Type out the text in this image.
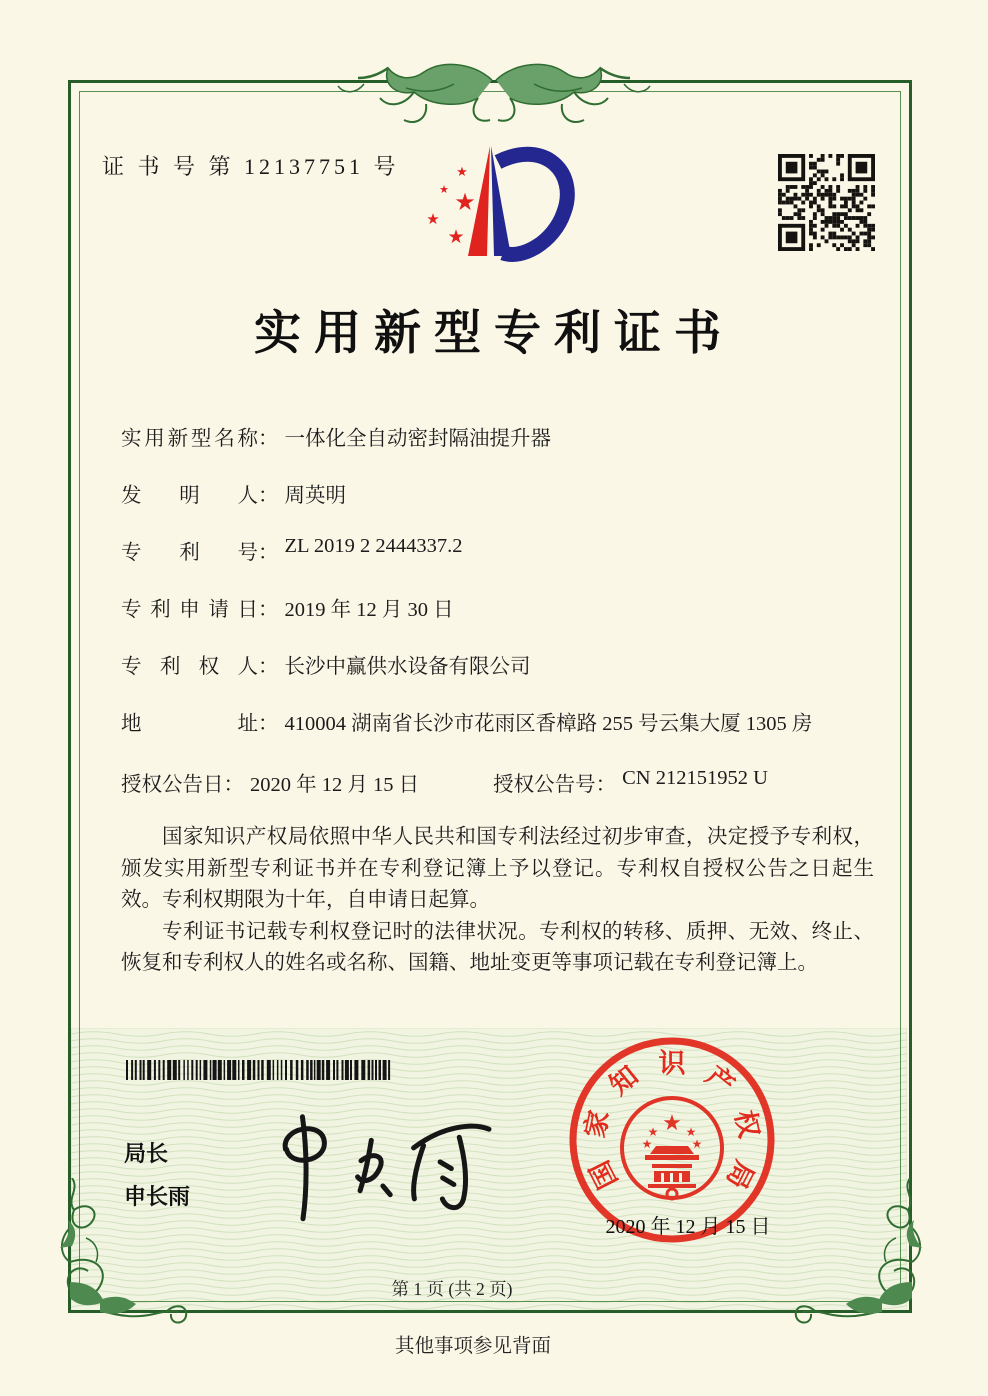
证 书 号 第 12137751 号	★
★ ★
★
★
实用新型专利证书
实用新型名称 ： 一体化全自动密封隔油提升器
发明人 ： 周英明
专利号 ： ZL 2019 2 2444337.2
专利申请日 ： 2019 年 12 月 30 日
专利权人 ： 长沙中赢供水设备有限公司
地址 ： 410004 湖南省长沙市花雨区香樟路 255 号云集大厦 1305 房
授权公告日 ： 2020 年 12 月 15 日	授权公告号 ： CN 212151952 U

国家知识产权局依照中华人民共和国专利法经过初步审查，决定授予专利权，颁发实用新型专利证书并在专利登记簿上予以登记。专利权自授权公告之日起生效。专利权期限为十年，自申请日起算。

专利证书记载专利权登记时的法律状况。专利权的转移、质押、无效、终止、恢复和专利权人的姓名或名称、国籍、地址变更等事项记载在专利登记簿上。

局长
申长雨
★
★ ★
★	★
国
家
知 识 产
权
局
2020 年 12 月 15 日
第 1 页 (共 2 页)
其他事项参见背面
